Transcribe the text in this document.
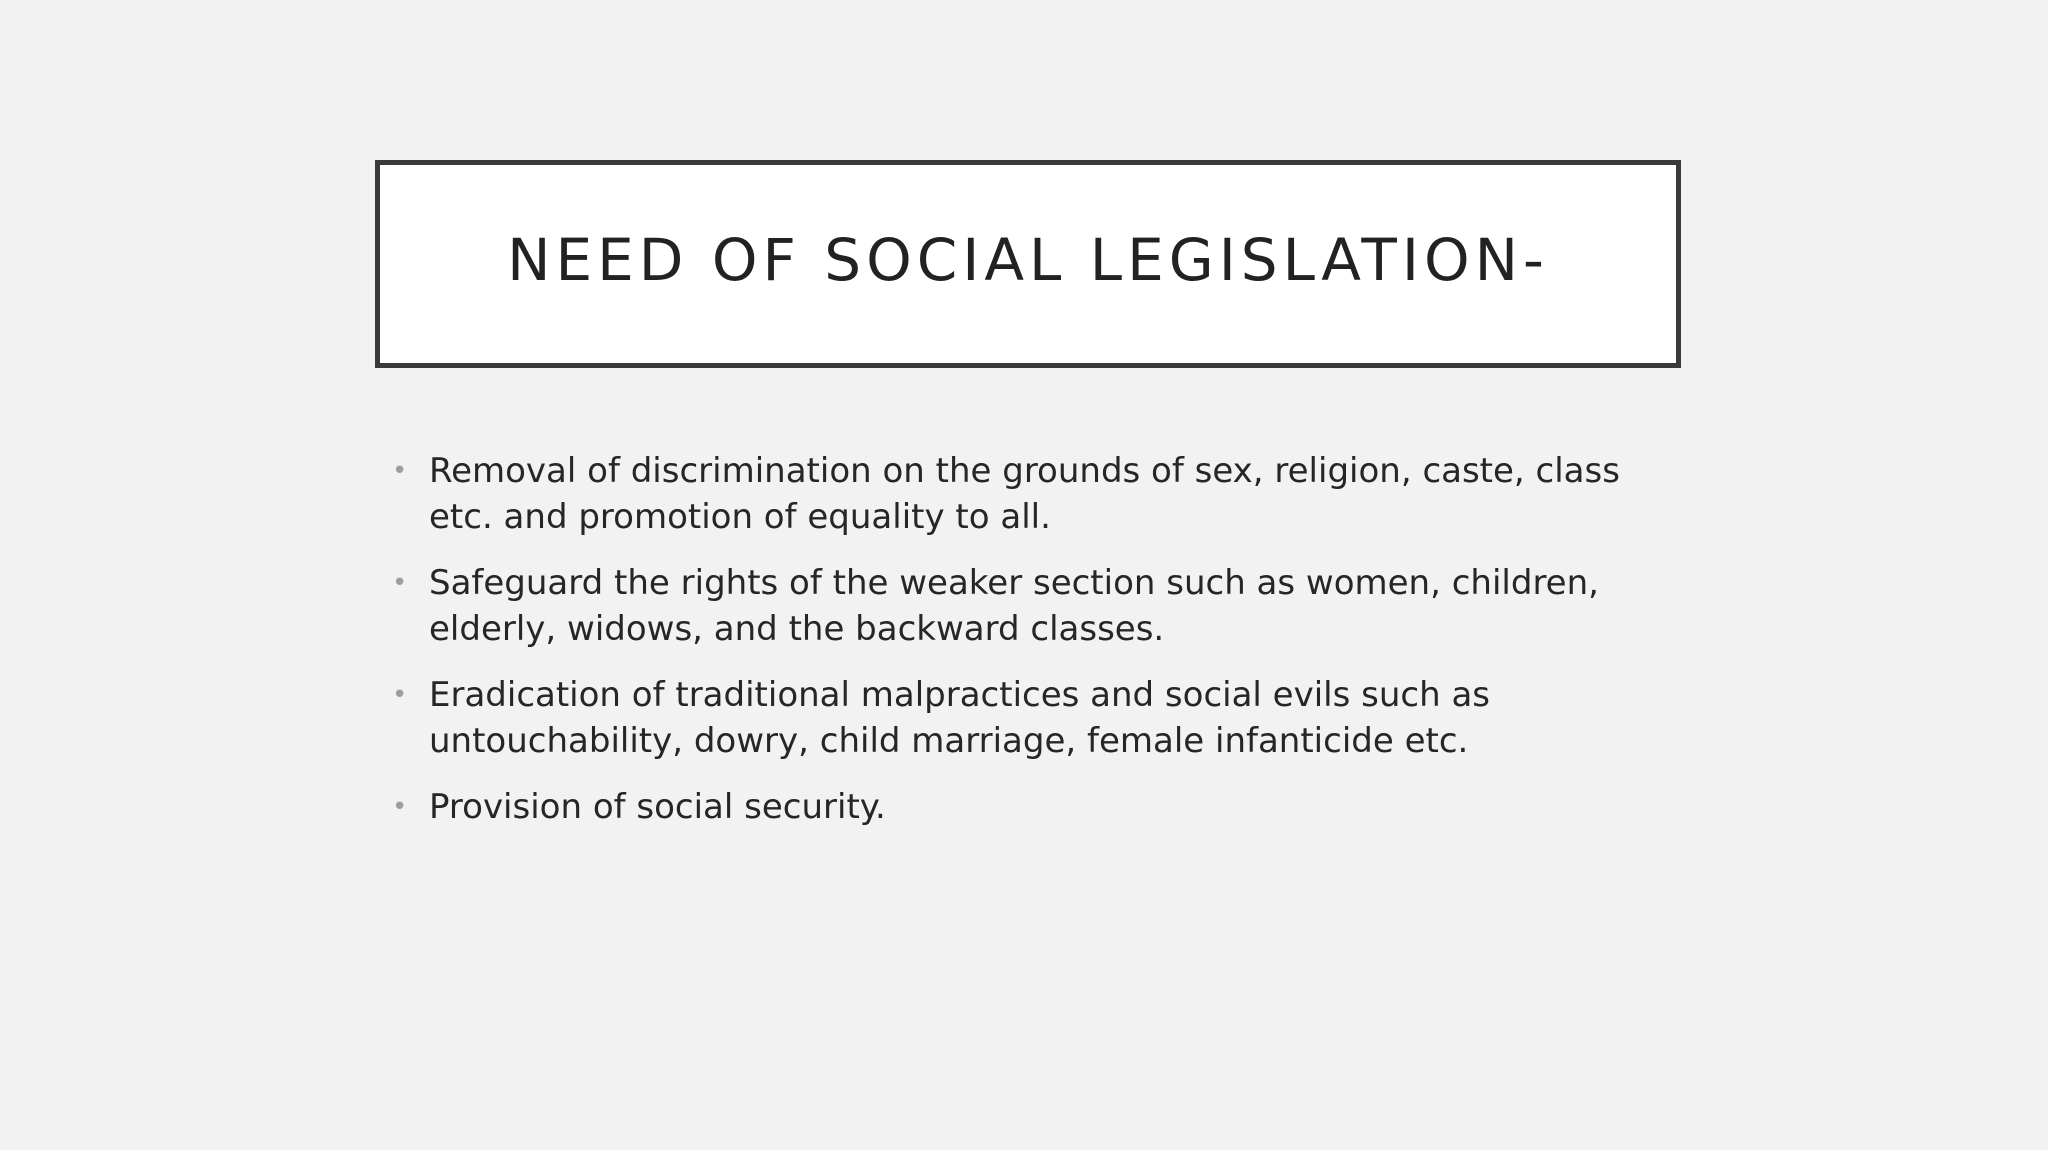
NEED OF SOCIAL LEGISLATION-
• Removal of discrimination on the grounds of sex, religion, caste, class etc. and promotion of equality to all.
• Safeguard the rights of the weaker section such as women, children, elderly, widows, and the backward classes.
• Eradication of traditional malpractices and social evils such as untouchability, dowry, child marriage, female infanticide etc.
• Provision of social security.
